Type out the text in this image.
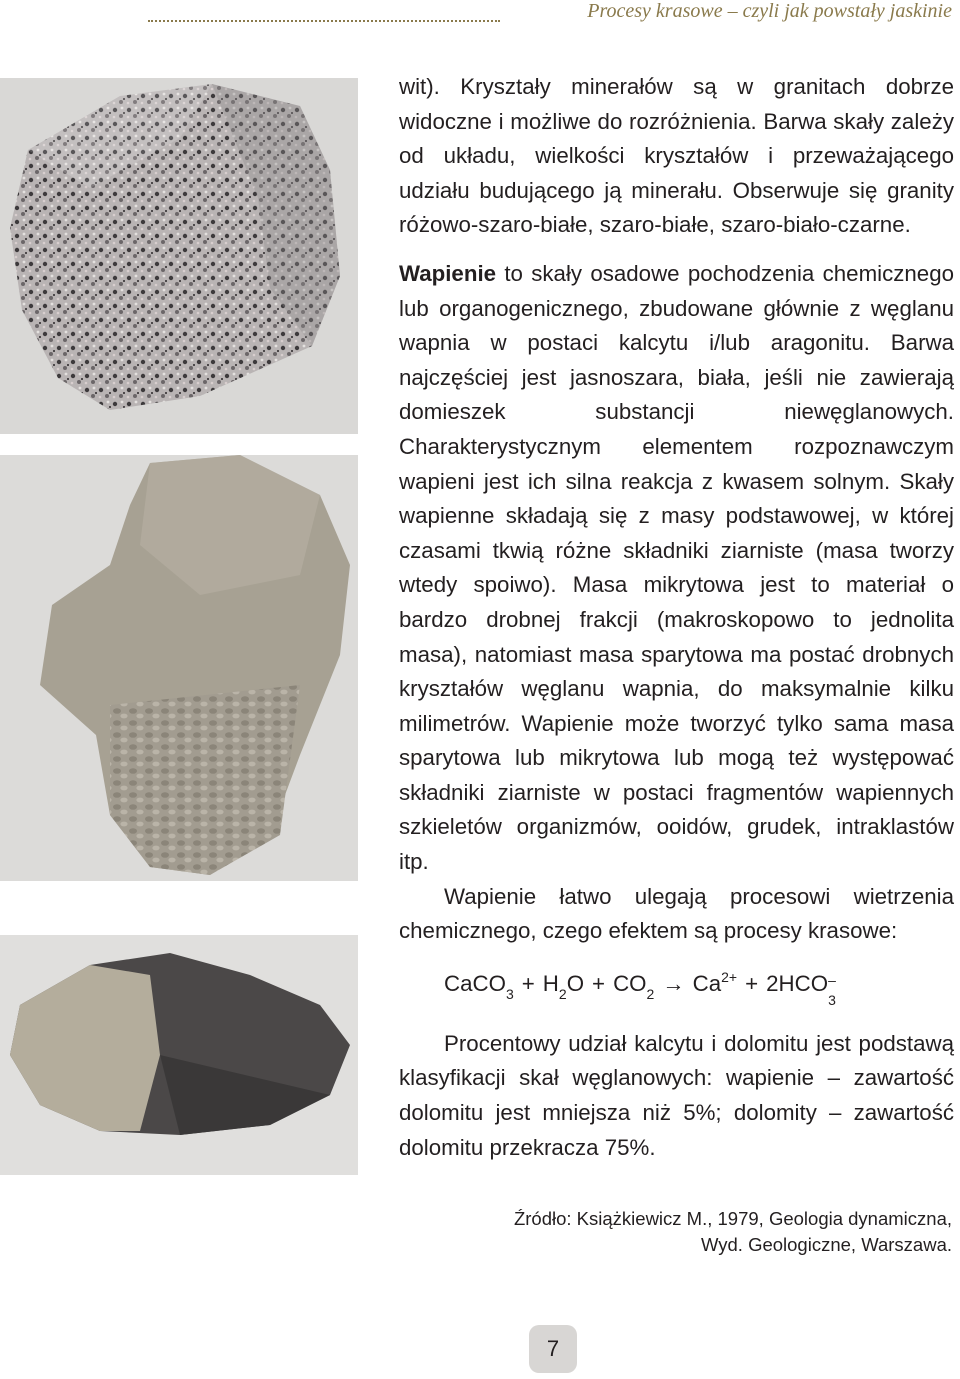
Procesy krasowe – czyli jak powstały jaskinie

wit). Kryształy minerałów są w granitach dobrze widoczne i możliwe do rozróżnienia. Barwa skały zależy od układu, wielkości kryształów i przeważającego udziału budującego ją minerału. Obserwuje się granity różowo-szaro-białe, szaro-białe, szaro-biało-czarne.

Wapienie to skały osadowe pochodzenia chemicznego lub organogenicznego, zbudowane głównie z węglanu wapnia w postaci kalcytu i/lub aragonitu. Barwa najczęściej jest jasnoszara, biała, jeśli nie zawierają domieszek substancji niewęglanowych. Charakterystycznym elementem rozpoznawczym wapieni jest ich silna reakcja z kwasem solnym. Skały wapienne składają się z masy podstawowej, w której czasami tkwią różne składniki ziarniste (masa tworzy wtedy spoiwo). Masa mikrytowa jest to materiał o bardzo drobnej frakcji (makroskopowo to jednolita masa), natomiast masa sparytowa ma postać drobnych kryształów węglanu wapnia, do maksymalnie kilku milimetrów. Wapienie może tworzyć tylko sama masa sparytowa lub mikrytowa lub mogą też występować składniki ziarniste w postaci fragmentów wapiennych szkieletów organizmów, ooidów, grudek, intraklastów itp.

Wapienie łatwo ulegają procesowi wietrzenia chemicznego, czego efektem są procesy krasowe:

CaCO$_3$ + $H_2O + CO_2 \to Ca^{2+} + 2HCO$ –
3

Procentowy udział kalcytu i dolomitu jest podstawą klasyfikacji skał węglanowych: wapienie – zawartość dolomitu jest mniejsza niż 5%; dolomity – zawartość dolomitu przekracza 75%.

Źródło: Książkiewicz M., 1979, Geologia dynamiczna,
Wyd. Geologiczne, Warszawa.
7
